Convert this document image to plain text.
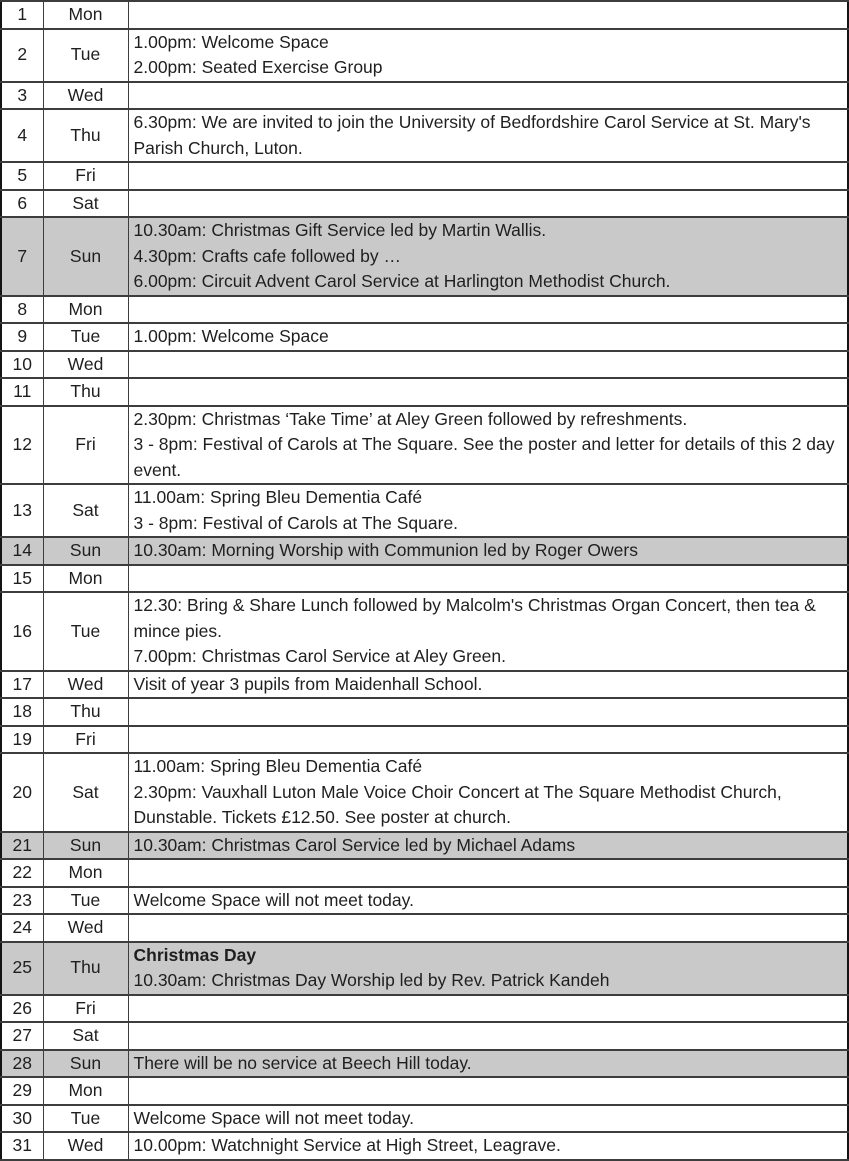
1	Mon	
2	Tue	1.00pm: Welcome Space
2.00pm: Seated Exercise Group

3	Wed	
4	Thu	6.30pm: We are invited to join the University of Bedfordshire Carol Service at St. Mary's Parish Church, Luton.

5	Fri	
6	Sat	
7	Sun	10.30am: Christmas Gift Service led by Martin Wallis.
4.30pm: Crafts cafe followed by …
6.00pm: Circuit Advent Carol Service at Harlington Methodist Church.

8	Mon	
9	Tue	1.00pm: Welcome Space

10	Wed	
11	Thu	
12	Fri	2.30pm: Christmas ‘Take Time’ at Aley Green followed by refreshments.
3 - 8pm: Festival of Carols at The Square. See the poster and letter for details of this 2 day event.

13	Sat	11.00am: Spring Bleu Dementia Café
3 - 8pm: Festival of Carols at The Square.

14	Sun	10.30am: Morning Worship with Communion led by Roger Owers

15	Mon	
16	Tue	12.30: Bring & Share Lunch followed by Malcolm's Christmas Organ Concert, then tea & mince pies.
7.00pm: Christmas Carol Service at Aley Green.

17	Wed	Visit of year 3 pupils from Maidenhall School.

18	Thu	
19	Fri	
20	Sat	11.00am: Spring Bleu Dementia Café
2.30pm: Vauxhall Luton Male Voice Choir Concert at The Square Methodist Church, Dunstable. Tickets £12.50. See poster at church.

21	Sun	10.30am: Christmas Carol Service led by Michael Adams

22	Mon	
23	Tue	Welcome Space will not meet today.

24	Wed	
25	Thu	Christmas Day
10.30am: Christmas Day Worship led by Rev. Patrick Kandeh

26	Fri	
27	Sat	
28	Sun	There will be no service at Beech Hill today.

29	Mon	
30	Tue	Welcome Space will not meet today.

31	Wed	10.00pm: Watchnight Service at High Street, Leagrave.
